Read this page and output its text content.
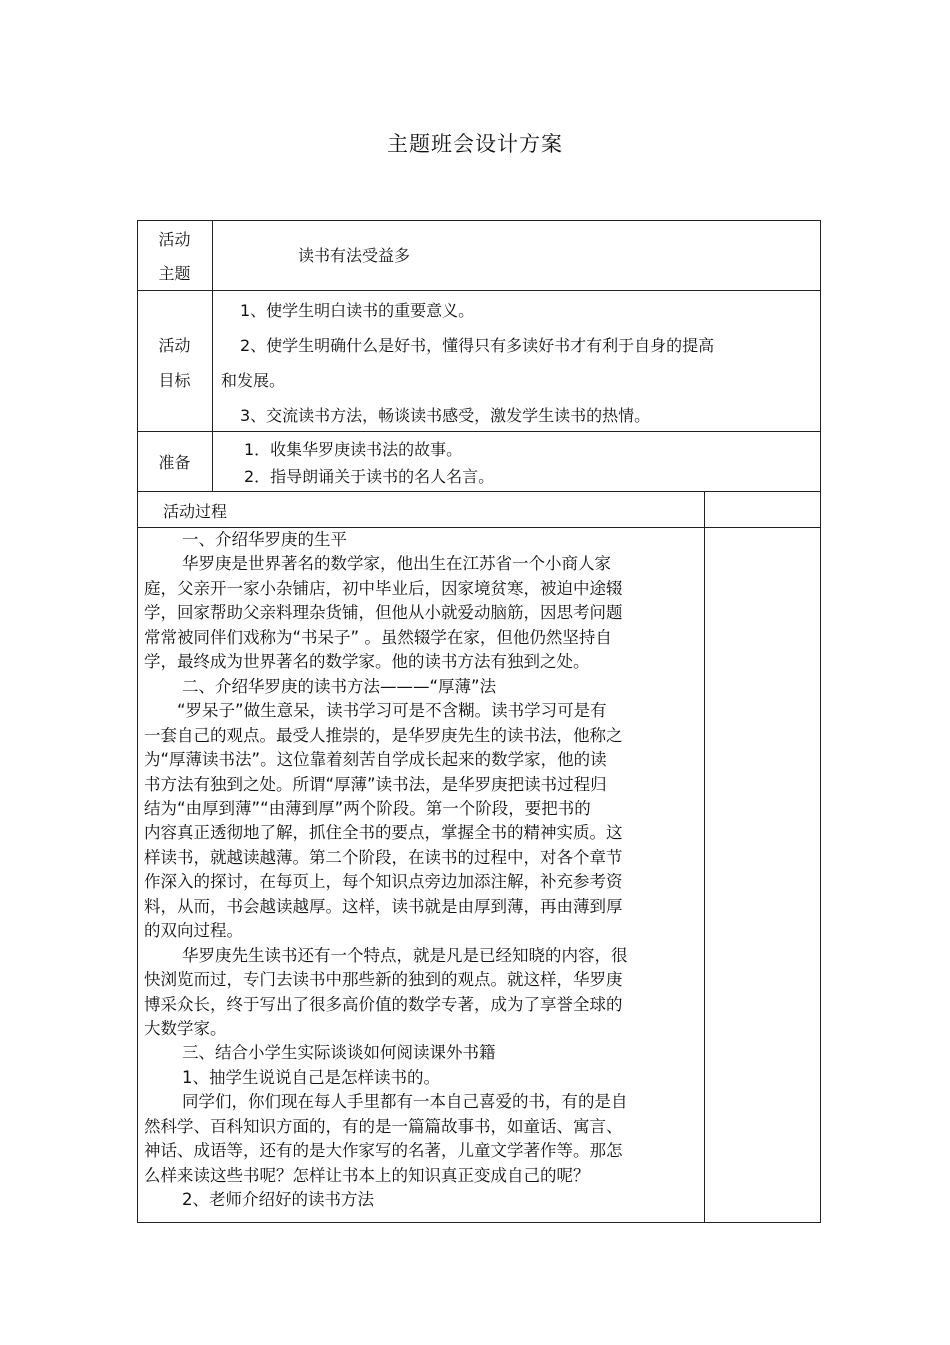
主题班会设计方案
活动
主题
读书有法受益多
活动
目标
1、使学生明白读书的重要意义。
2、使学生明确什么是好书，懂得只有多读好书才有利于自身的提高
和发展。
3、交流读书方法，畅谈读书感受，激发学生读书的热情。
准备
1．收集华罗庚读书法的故事。
2．指导朗诵关于读书的名人名言。
活动过程
一、介绍华罗庚的生平
华罗庚是世界著名的数学家，他出生在江苏省一个小商人家
庭，父亲开一家小杂铺店，初中毕业后，因家境贫寒，被迫中途辍
学，回家帮助父亲料理杂货铺，但他从小就爱动脑筋，因思考问题
常常被同伴们戏称为“书呆子” 。虽然辍学在家，但他仍然坚持自
学，最终成为世界著名的数学家。他的读书方法有独到之处。
二、介绍华罗庚的读书方法———“厚薄”法
“罗呆子”做生意呆，读书学习可是不含糊。读书学习可是有
一套自己的观点。最受人推崇的，是华罗庚先生的读书法，他称之
为“厚薄读书法”。这位靠着刻苦自学成长起来的数学家，他的读
书方法有独到之处。所谓“厚薄”读书法，是华罗庚把读书过程归
结为“由厚到薄”“由薄到厚”两个阶段。第一个阶段，要把书的
内容真正透彻地了解，抓住全书的要点，掌握全书的精神实质。这
样读书，就越读越薄。第二个阶段，在读书的过程中，对各个章节
作深入的探讨，在每页上，每个知识点旁边加添注解，补充参考资
料，从而，书会越读越厚。这样，读书就是由厚到薄，再由薄到厚
的双向过程。
华罗庚先生读书还有一个特点，就是凡是已经知晓的内容，很
快浏览而过，专门去读书中那些新的独到的观点。就这样，华罗庚
博采众长，终于写出了很多高价值的数学专著，成为了享誉全球的
大数学家。
三、结合小学生实际谈谈如何阅读课外书籍
1、抽学生说说自己是怎样读书的。
同学们，你们现在每人手里都有一本自己喜爱的书，有的是自
然科学、百科知识方面的，有的是一篇篇故事书，如童话、寓言、
神话、成语等，还有的是大作家写的名著，儿童文学著作等。那怎
么样来读这些书呢？怎样让书本上的知识真正变成自己的呢？
2、老师介绍好的读书方法
